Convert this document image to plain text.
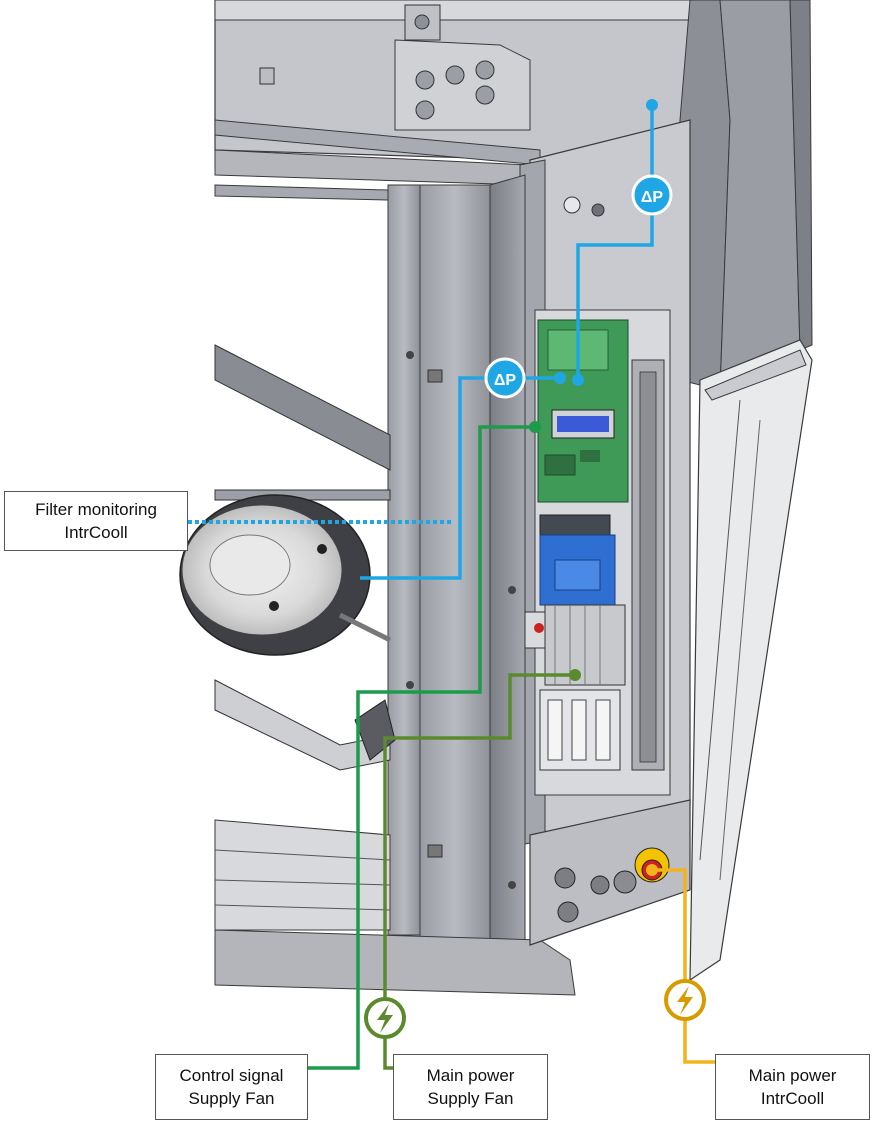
ΔP
ΔP
Filter monitoring
IntrCooll
Control signal
Supply Fan
Main power
Supply Fan
Main power
IntrCooll
